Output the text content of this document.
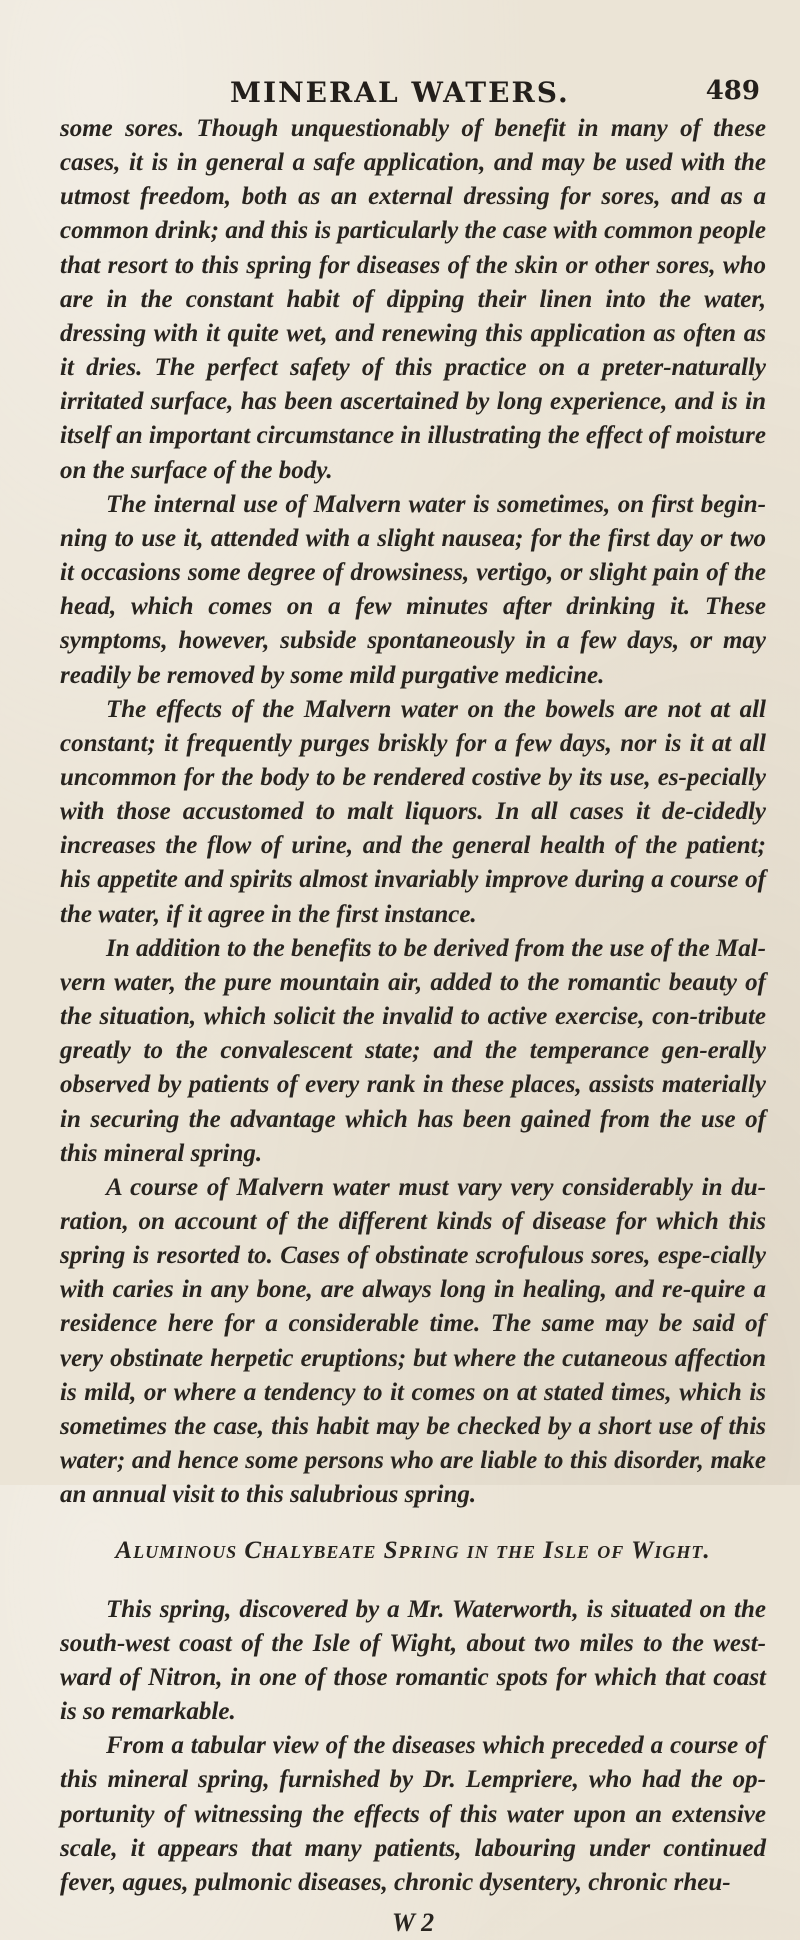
MINERAL WATERS.	489

some sores. Though unquestionably of benefit in many of these cases, it is in general a safe application, and may be used with the utmost freedom, both as an external dressing for sores, and as a common drink; and this is particularly the case with common people that resort to this spring for diseases of the skin or other sores, who are in the constant habit of dipping their linen into the water, dressing with it quite wet, and renewing this application as often as it dries. The perfect safety of this practice on a preter-naturally irritated surface, has been ascertained by long experience, and is in itself an important circumstance in illustrating the effect of moisture on the surface of the body.

The internal use of Malvern water is sometimes, on first begin-ning to use it, attended with a slight nausea; for the first day or two it occasions some degree of drowsiness, vertigo, or slight pain of the head, which comes on a few minutes after drinking it. These symptoms, however, subside spontaneously in a few days, or may readily be removed by some mild purgative medicine.

The effects of the Malvern water on the bowels are not at all constant; it frequently purges briskly for a few days, nor is it at all uncommon for the body to be rendered costive by its use, es-pecially with those accustomed to malt liquors. In all cases it de-cidedly increases the flow of urine, and the general health of the patient; his appetite and spirits almost invariably improve during a course of the water, if it agree in the first instance.

In addition to the benefits to be derived from the use of the Mal-vern water, the pure mountain air, added to the romantic beauty of the situation, which solicit the invalid to active exercise, con-tribute greatly to the convalescent state; and the temperance gen-erally observed by patients of every rank in these places, assists materially in securing the advantage which has been gained from the use of this mineral spring.

A course of Malvern water must vary very considerably in du-ration, on account of the different kinds of disease for which this spring is resorted to. Cases of obstinate scrofulous sores, espe-cially with caries in any bone, are always long in healing, and re-quire a residence here for a considerable time. The same may be said of very obstinate herpetic eruptions; but where the cutaneous affection is mild, or where a tendency to it comes on at stated times, which is sometimes the case, this habit may be checked by a short use of this water; and hence some persons who are liable to this disorder, make an annual visit to this salubrious spring.

Aluminous Chalybeate Spring in the Isle of Wight.

This spring, discovered by a Mr. Waterworth, is situated on the south-west coast of the Isle of Wight, about two miles to the west-ward of Nitron, in one of those romantic spots for which that coast is so remarkable.

From a tabular view of the diseases which preceded a course of this mineral spring, furnished by Dr. Lempriere, who had the op-portunity of witnessing the effects of this water upon an extensive scale, it appears that many patients, labouring under continued fever, agues, pulmonic diseases, chronic dysentery, chronic rheu-

W 2
